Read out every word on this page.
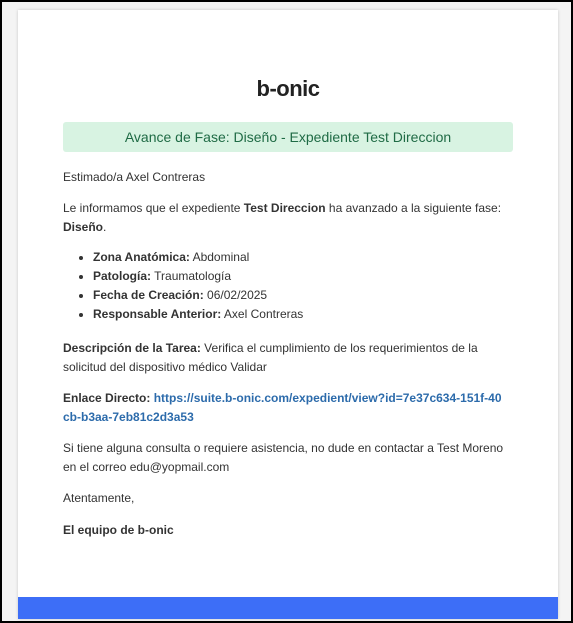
b-onic
Avance de Fase: Diseño - Expediente Test Direccion

Estimado/a Axel Contreras

Le informamos que el expediente Test Direccion ha avanzado a la siguiente fase: Diseño.

• Zona Anatómica: Abdominal
• Patología: Traumatología
• Fecha de Creación: 06/02/2025
• Responsable Anterior: Axel Contreras

Descripción de la Tarea: Verifica el cumplimiento de los requerimientos de la solicitud del dispositivo médico Validar

Enlace Directo: https://suite.b-onic.com/expedient/view?id=7e37c634-151f-40cb-b3aa-7eb81c2d3a53

Si tiene alguna consulta o requiere asistencia, no dude en contactar a Test Moreno en el correo edu@yopmail.com

Atentamente,

El equipo de b-onic
